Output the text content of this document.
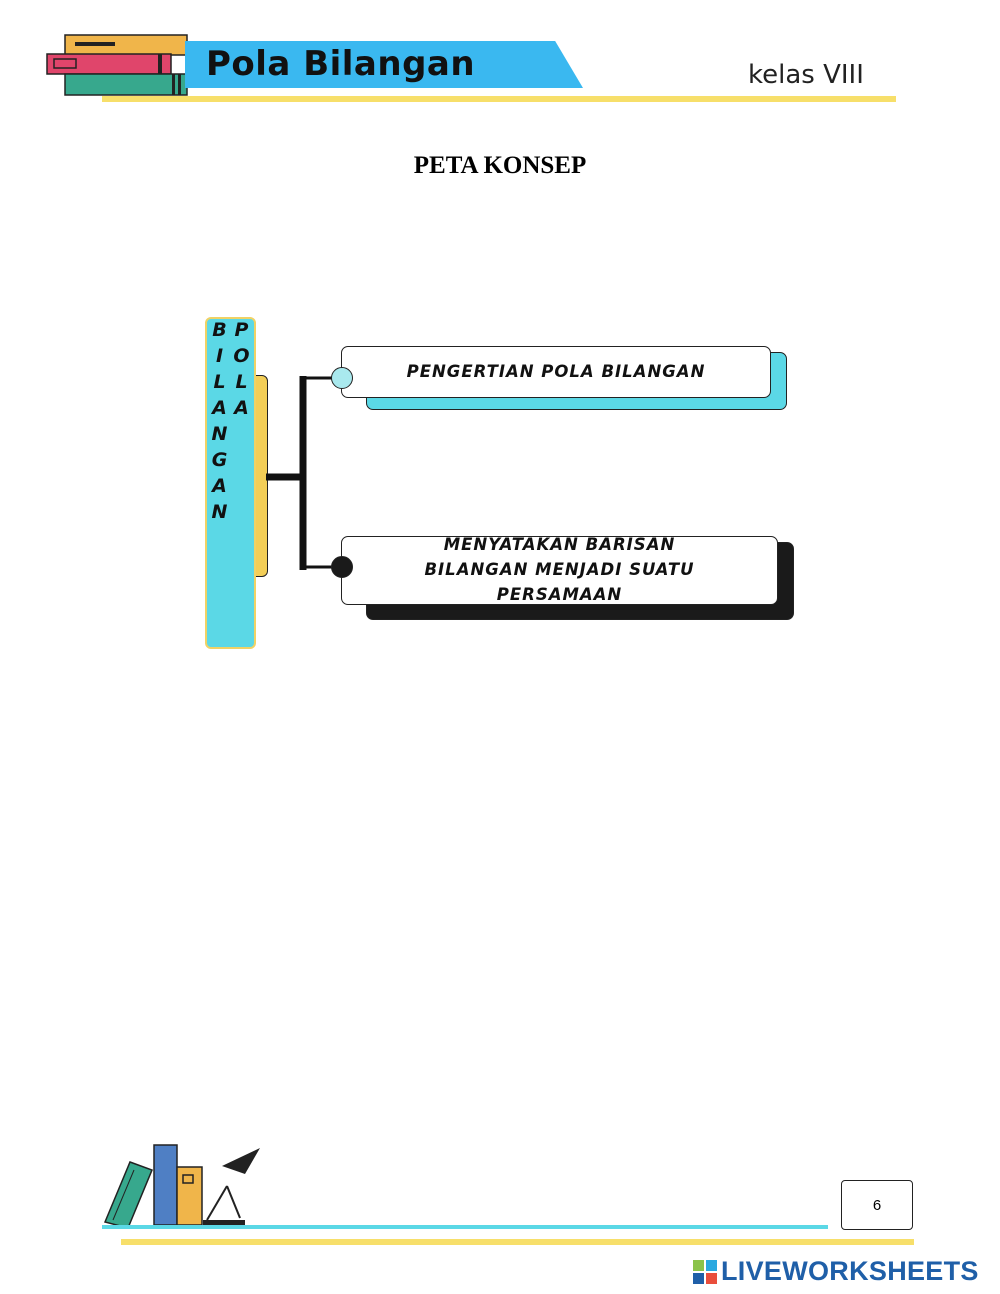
Pola Bilangan	kelas VIII
PETA KONSEP
POLA BILANGAN	PENGERTIAN POLA BILANGAN
MENYATAKAN BARISAN BILANGAN MENJADI SUATU PERSAMAAN
6
LIVEWORKSHEETS
